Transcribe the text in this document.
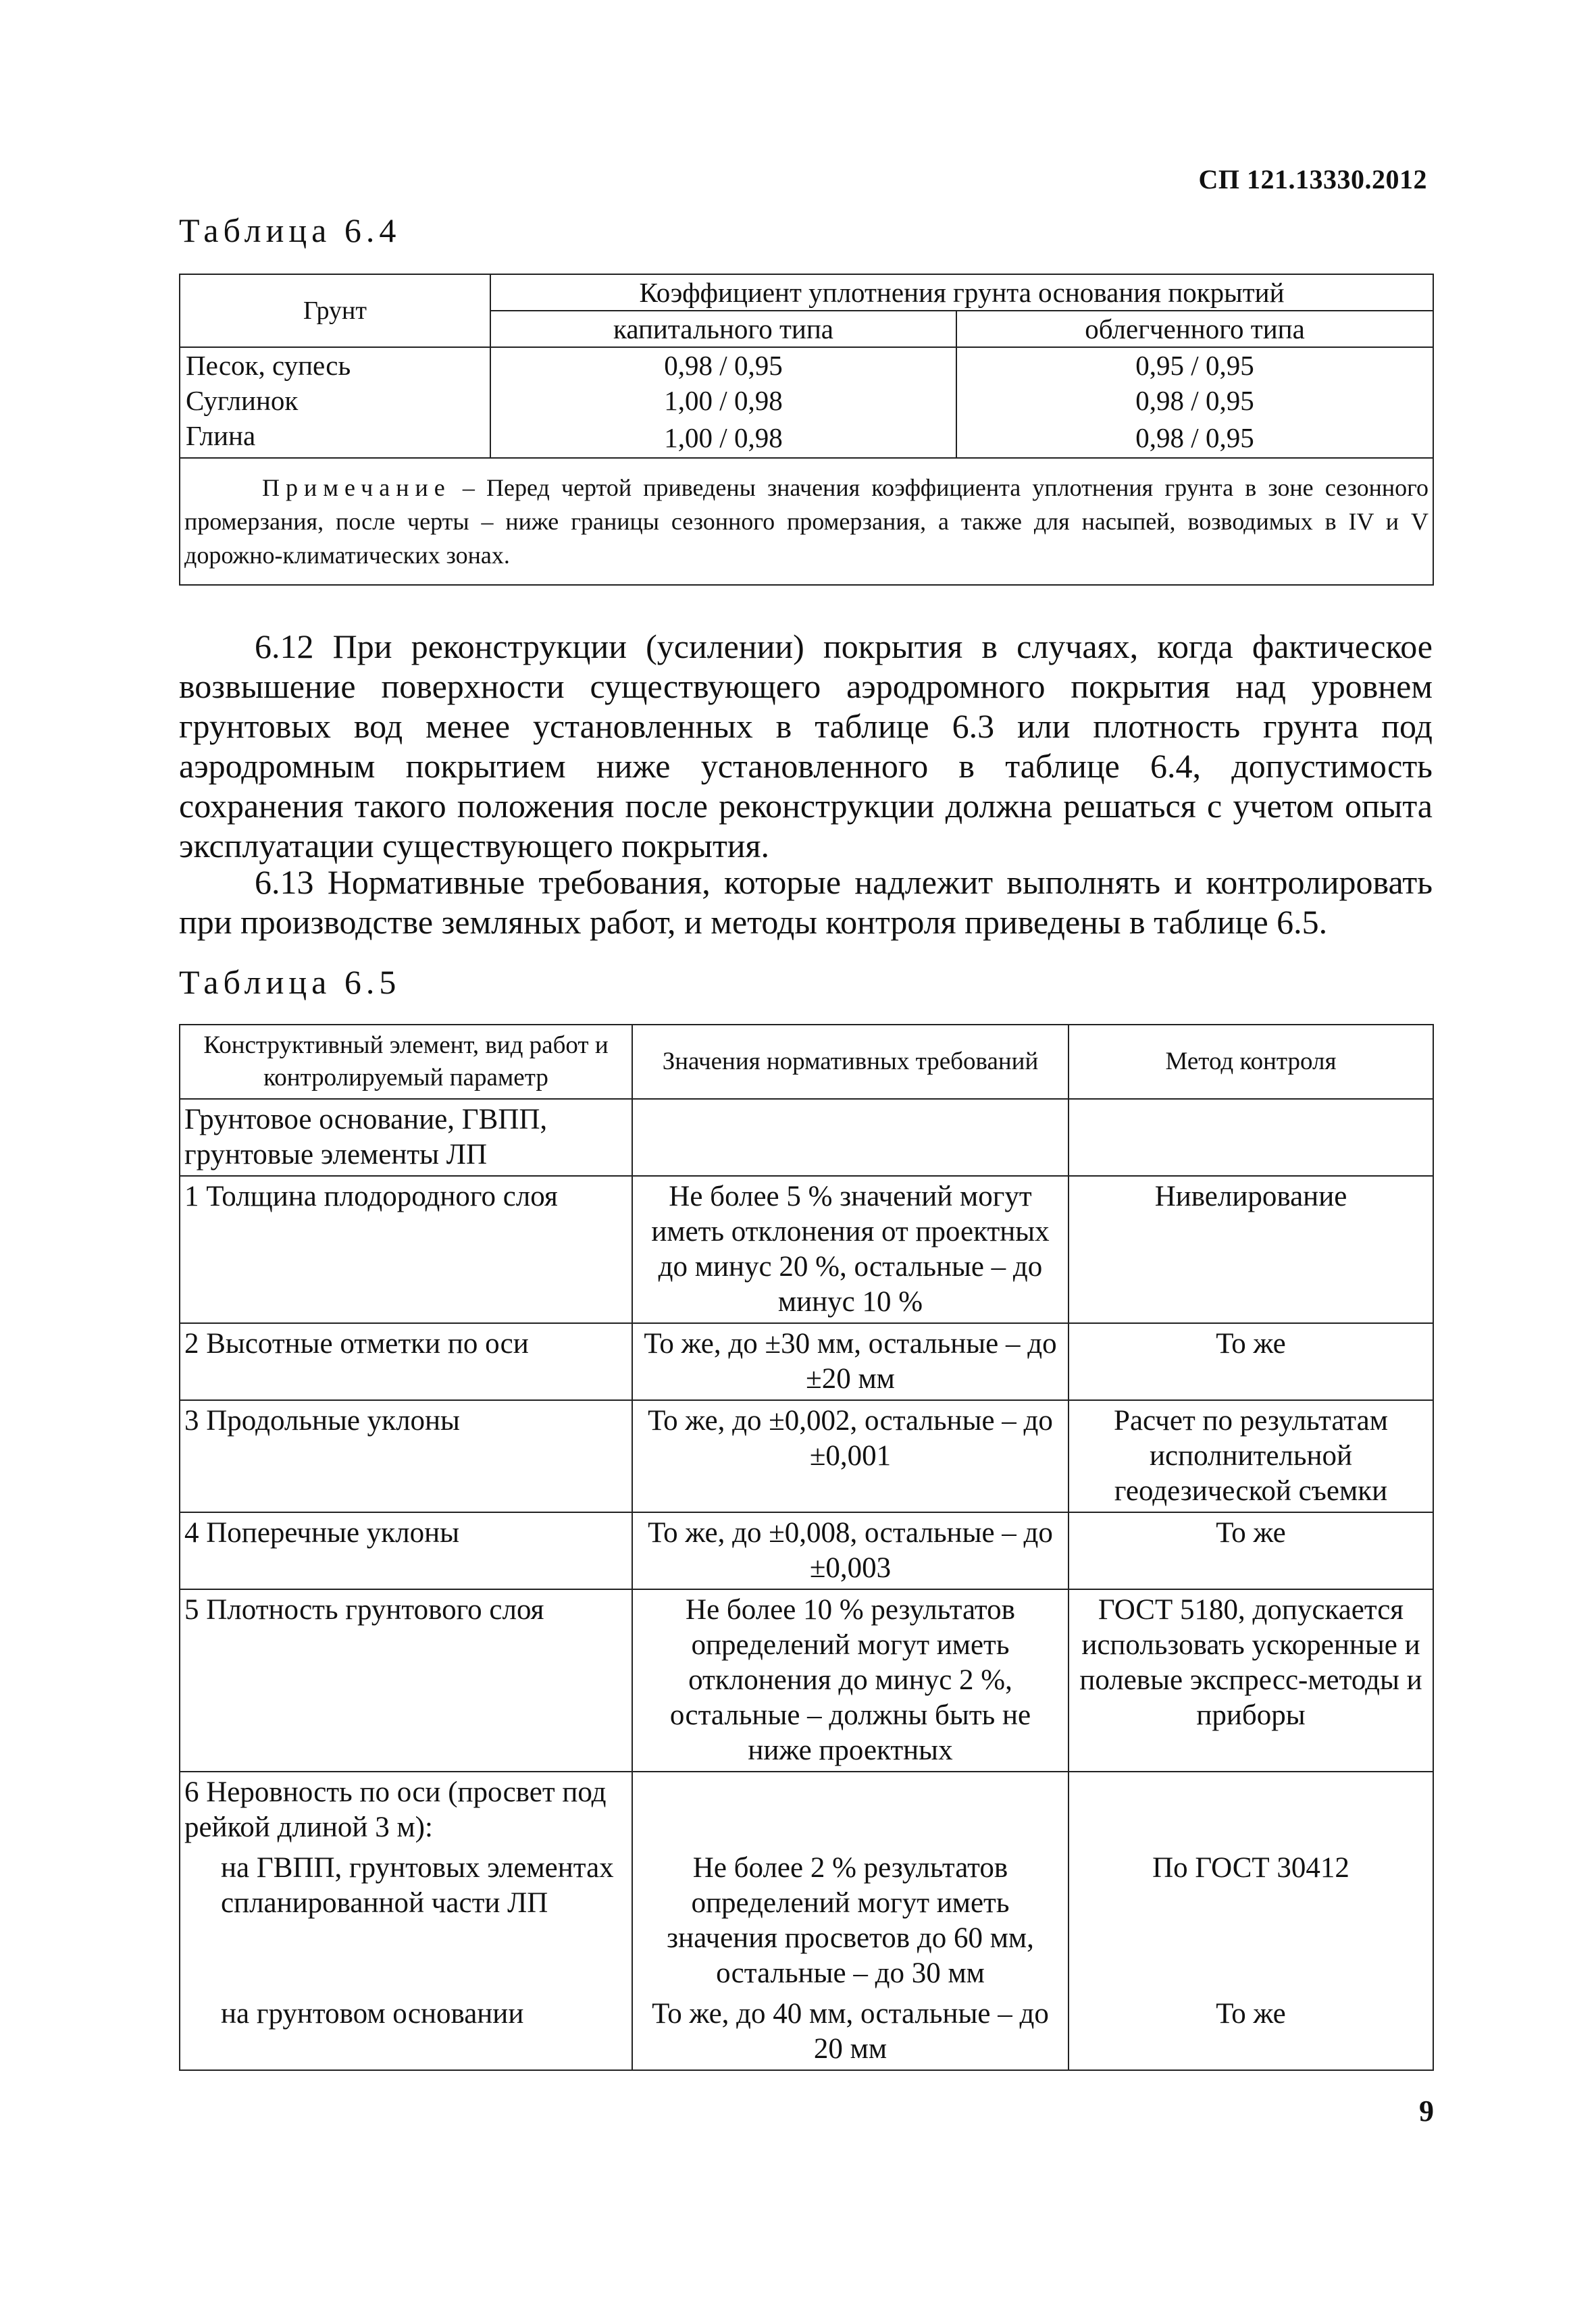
СП 121.13330.2012
Таблица 6.4
Грунт	Коэффициент уплотнения грунта основания покрытий	
	капитального типа	облегченного типа
Песок, супесь	0,98 / 0,95	0,95 / 0,95
Суглинок	1,00 / 0,98	0,98 / 0,95
Глина	1,00 / 0,98	0,98 / 0,95
Примечание – Перед чертой приведены значения коэффициента уплотнения грунта в зоне сезонного промерзания, после черты – ниже границы сезонного промерзания, а также для насыпей, возводимых в IV и V дорожно-климатических зонах.		

6.12 При реконструкции (усилении) покрытия в случаях, когда фактическое возвышение поверхности существующего аэродромного покрытия над уровнем грунтовых вод менее установленных в таблице 6.3 или плотность грунта под аэродромным покрытием ниже установленного в таблице 6.4, допустимость сохранения такого положения после реконструкции должна решаться с учетом опыта эксплуатации существующего покрытия.

6.13 Нормативные требования, которые надлежит выполнять и контролировать при производстве земляных работ, и методы контроля приведены в таблице 6.5.

Таблица 6.5
Конструктивный элемент, вид работ и контролируемый параметр	Значения нормативных требований	Метод контроля
Грунтовое основание, ГВПП, грунтовые элементы ЛП		
1 Толщина плодородного слоя	Не более 5 % значений могут иметь отклонения от проектных до минус 20 %, остальные – до минус 10 %	Нивелирование
2 Высотные отметки по оси	То же, до ±30 мм, остальные – до ±20 мм	То же
3 Продольные уклоны	То же, до ±0,002, остальные – до ±0,001	Расчет по результатам исполнительной геодезической съемки
4 Поперечные уклоны	То же, до ±0,008, остальные – до ±0,003	То же
5 Плотность грунтового слоя	Не более 10 % результатов определений могут иметь отклонения до минус 2 %, остальные – должны быть не ниже проектных	ГОСТ 5180, допускается использовать ускоренные и полевые экспресс-методы и приборы
6 Неровность по оси (просвет под рейкой длиной 3 м):		
на ГВПП, грунтовых элементах спланированной части ЛП	Не более 2 % результатов определений могут иметь значения просветов до 60 мм, остальные – до 30 мм	По ГОСТ 30412
на грунтовом основании	То же, до 40 мм, остальные – до 20 мм	То же
9
